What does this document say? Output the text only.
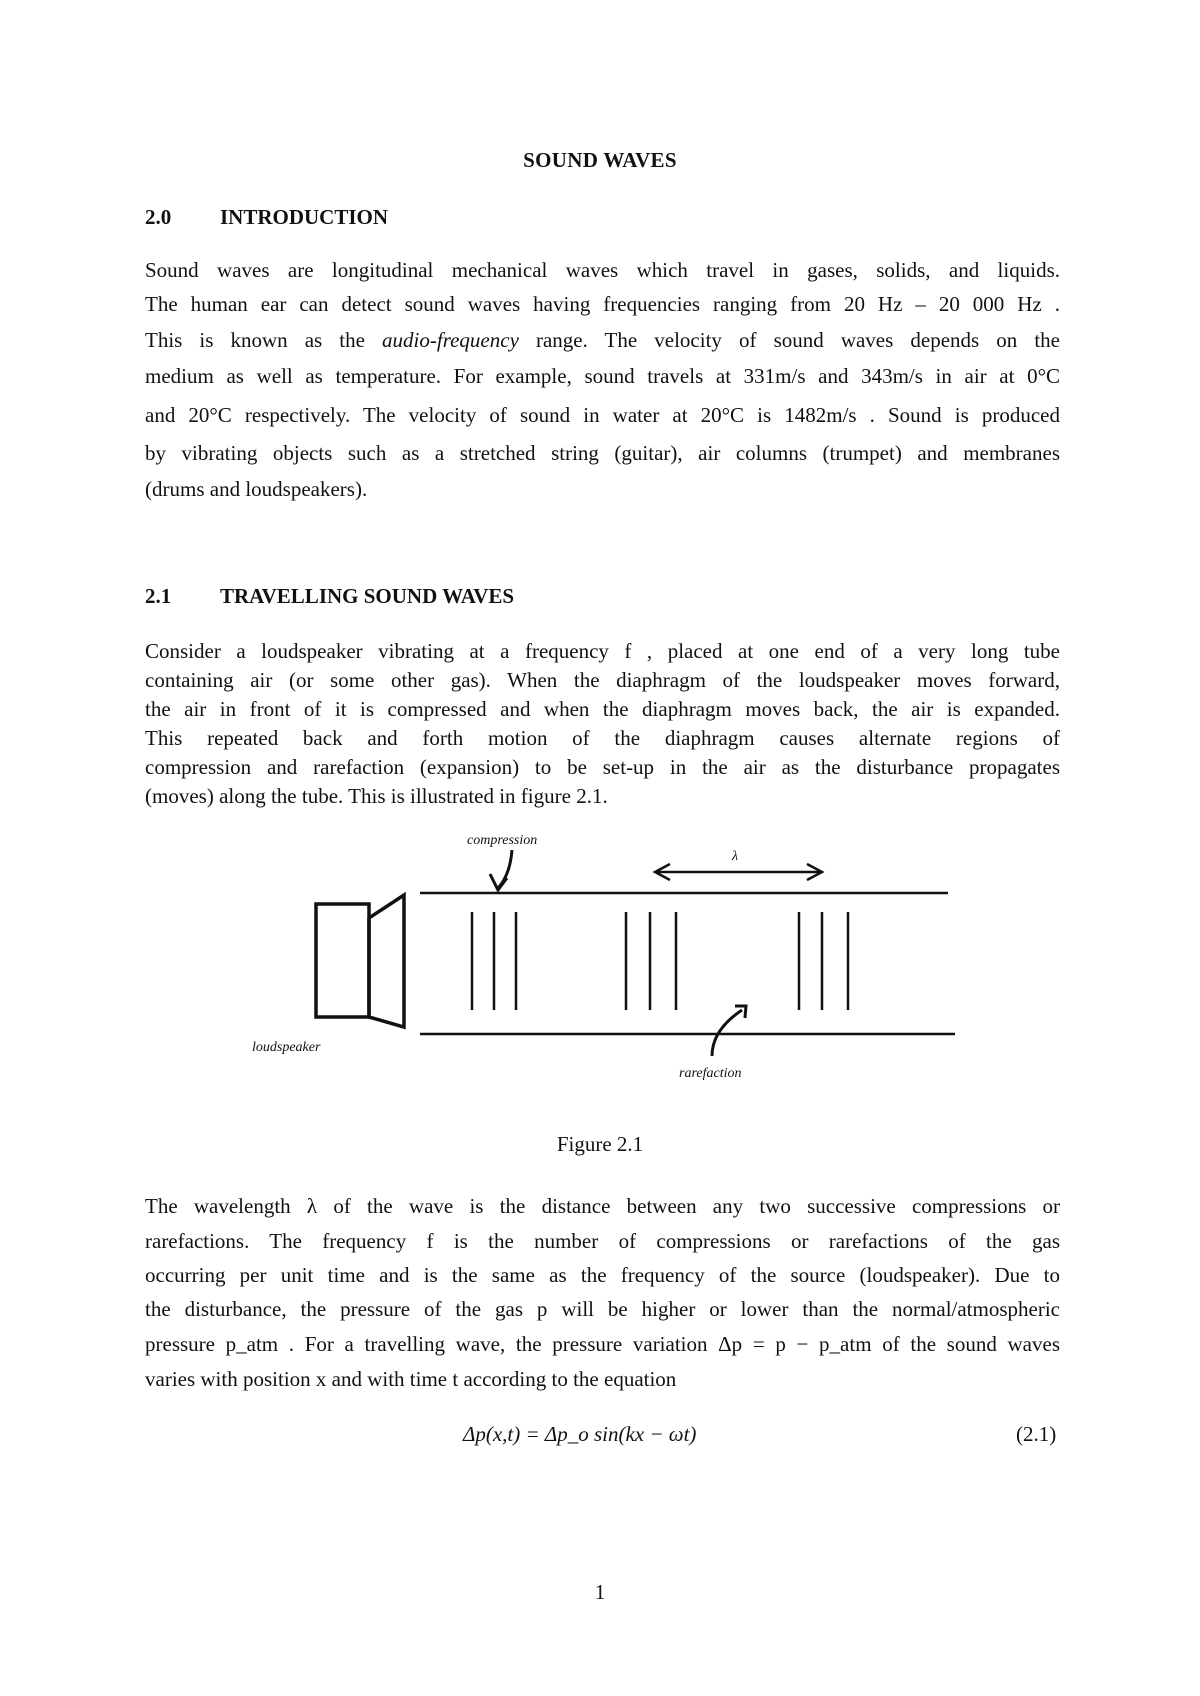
SOUND WAVES
2.0 INTRODUCTION
Sound waves are longitudinal mechanical waves which travel in gases, solids, and liquids.
The human ear can detect sound waves having frequencies ranging from 20 Hz – 20 000 Hz .
This is known as the audio-frequency range. The velocity of sound waves depends on the
medium as well as temperature. For example, sound travels at 331m/s and 343m/s in air at 0°C
and 20°C respectively. The velocity of sound in water at 20°C is 1482m/s . Sound is produced
by vibrating objects such as a stretched string (guitar), air columns (trumpet) and membranes
(drums and loudspeakers).
2.1 TRAVELLING SOUND WAVES
Consider a loudspeaker vibrating at a frequency f , placed at one end of a very long tube
containing air (or some other gas). When the diaphragm of the loudspeaker moves forward,
the air in front of it is compressed and when the diaphragm moves back, the air is expanded.
This repeated back and forth motion of the diaphragm causes alternate regions of
compression and rarefaction (expansion) to be set-up in the air as the disturbance propagates
(moves) along the tube. This is illustrated in figure 2.1.
compression
λ
loudspeaker
rarefaction
Figure 2.1
The wavelength λ of the wave is the distance between any two successive compressions or
rarefactions. The frequency f is the number of compressions or rarefactions of the gas
occurring per unit time and is the same as the frequency of the source (loudspeaker). Due to
the disturbance, the pressure of the gas p will be higher or lower than the normal/atmospheric
pressure p_atm . For a travelling wave, the pressure variation Δp = p − p_atm of the sound waves
varies with position x and with time t according to the equation
Δp(x,t) = Δp_o sin(kx − ωt)	(2.1)
1
